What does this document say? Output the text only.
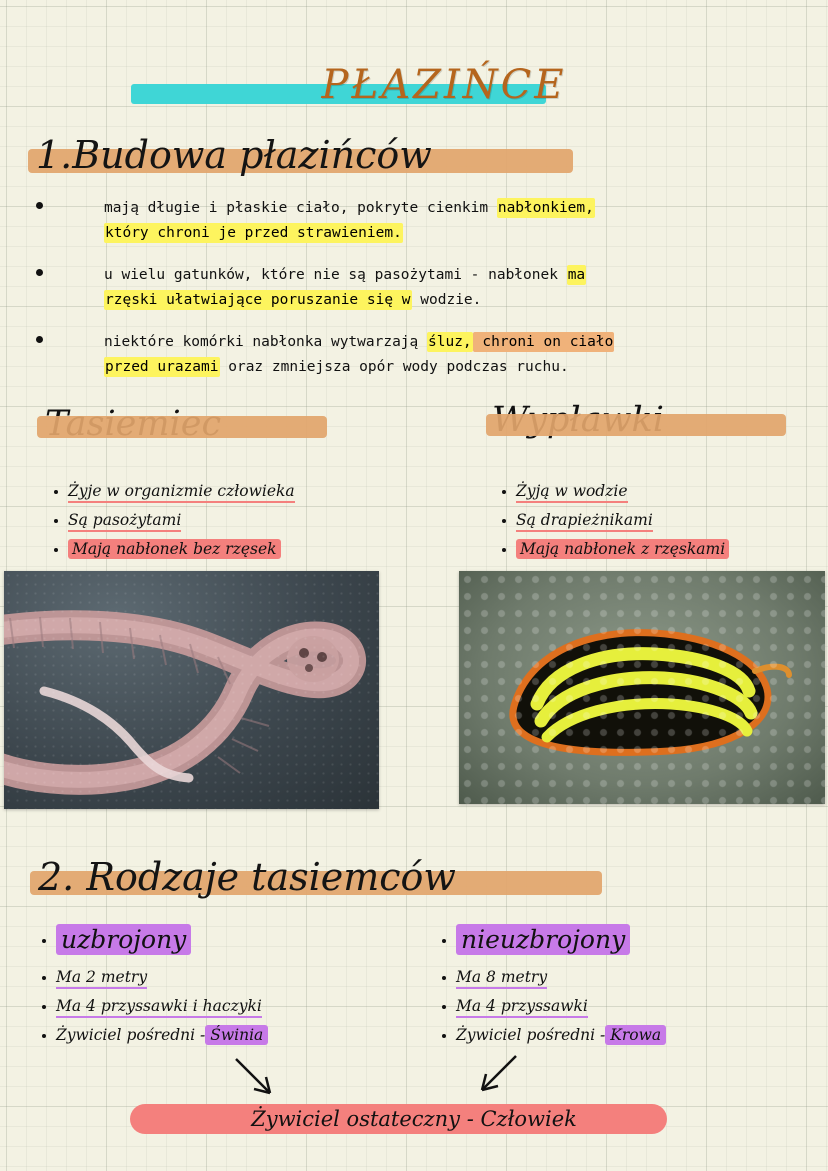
PŁAZIŃCE
1.Budowa płazińców
mają długie i płaskie ciało, pokryte cienkim nabłonkiem,
który chroni je przed strawieniem.
u wielu gatunków, które nie są pasożytami - nabłonek ma
rzęski ułatwiające poruszanie się w wodzie.
niektóre komórki nabłonka wytwarzają śluz, chroni on ciało
przed urazami oraz zmniejsza opór wody podczas ruchu.
Żyje w organizmie człowieka
Są pasożytami
Mają nabłonek bez rzęsek
Żyją w wodzie
Są drapieżnikami
Mają nabłonek z rzęskami
2. Rodzaje tasiemców
uzbrojony
Ma 2 metry
Ma 4 przyssawki i haczyki
Żywiciel pośredni - Świnia
nieuzbrojony
Ma 8 metry
Ma 4 przyssawki
Żywiciel pośredni - Krowa
Żywiciel ostateczny - Człowiek
